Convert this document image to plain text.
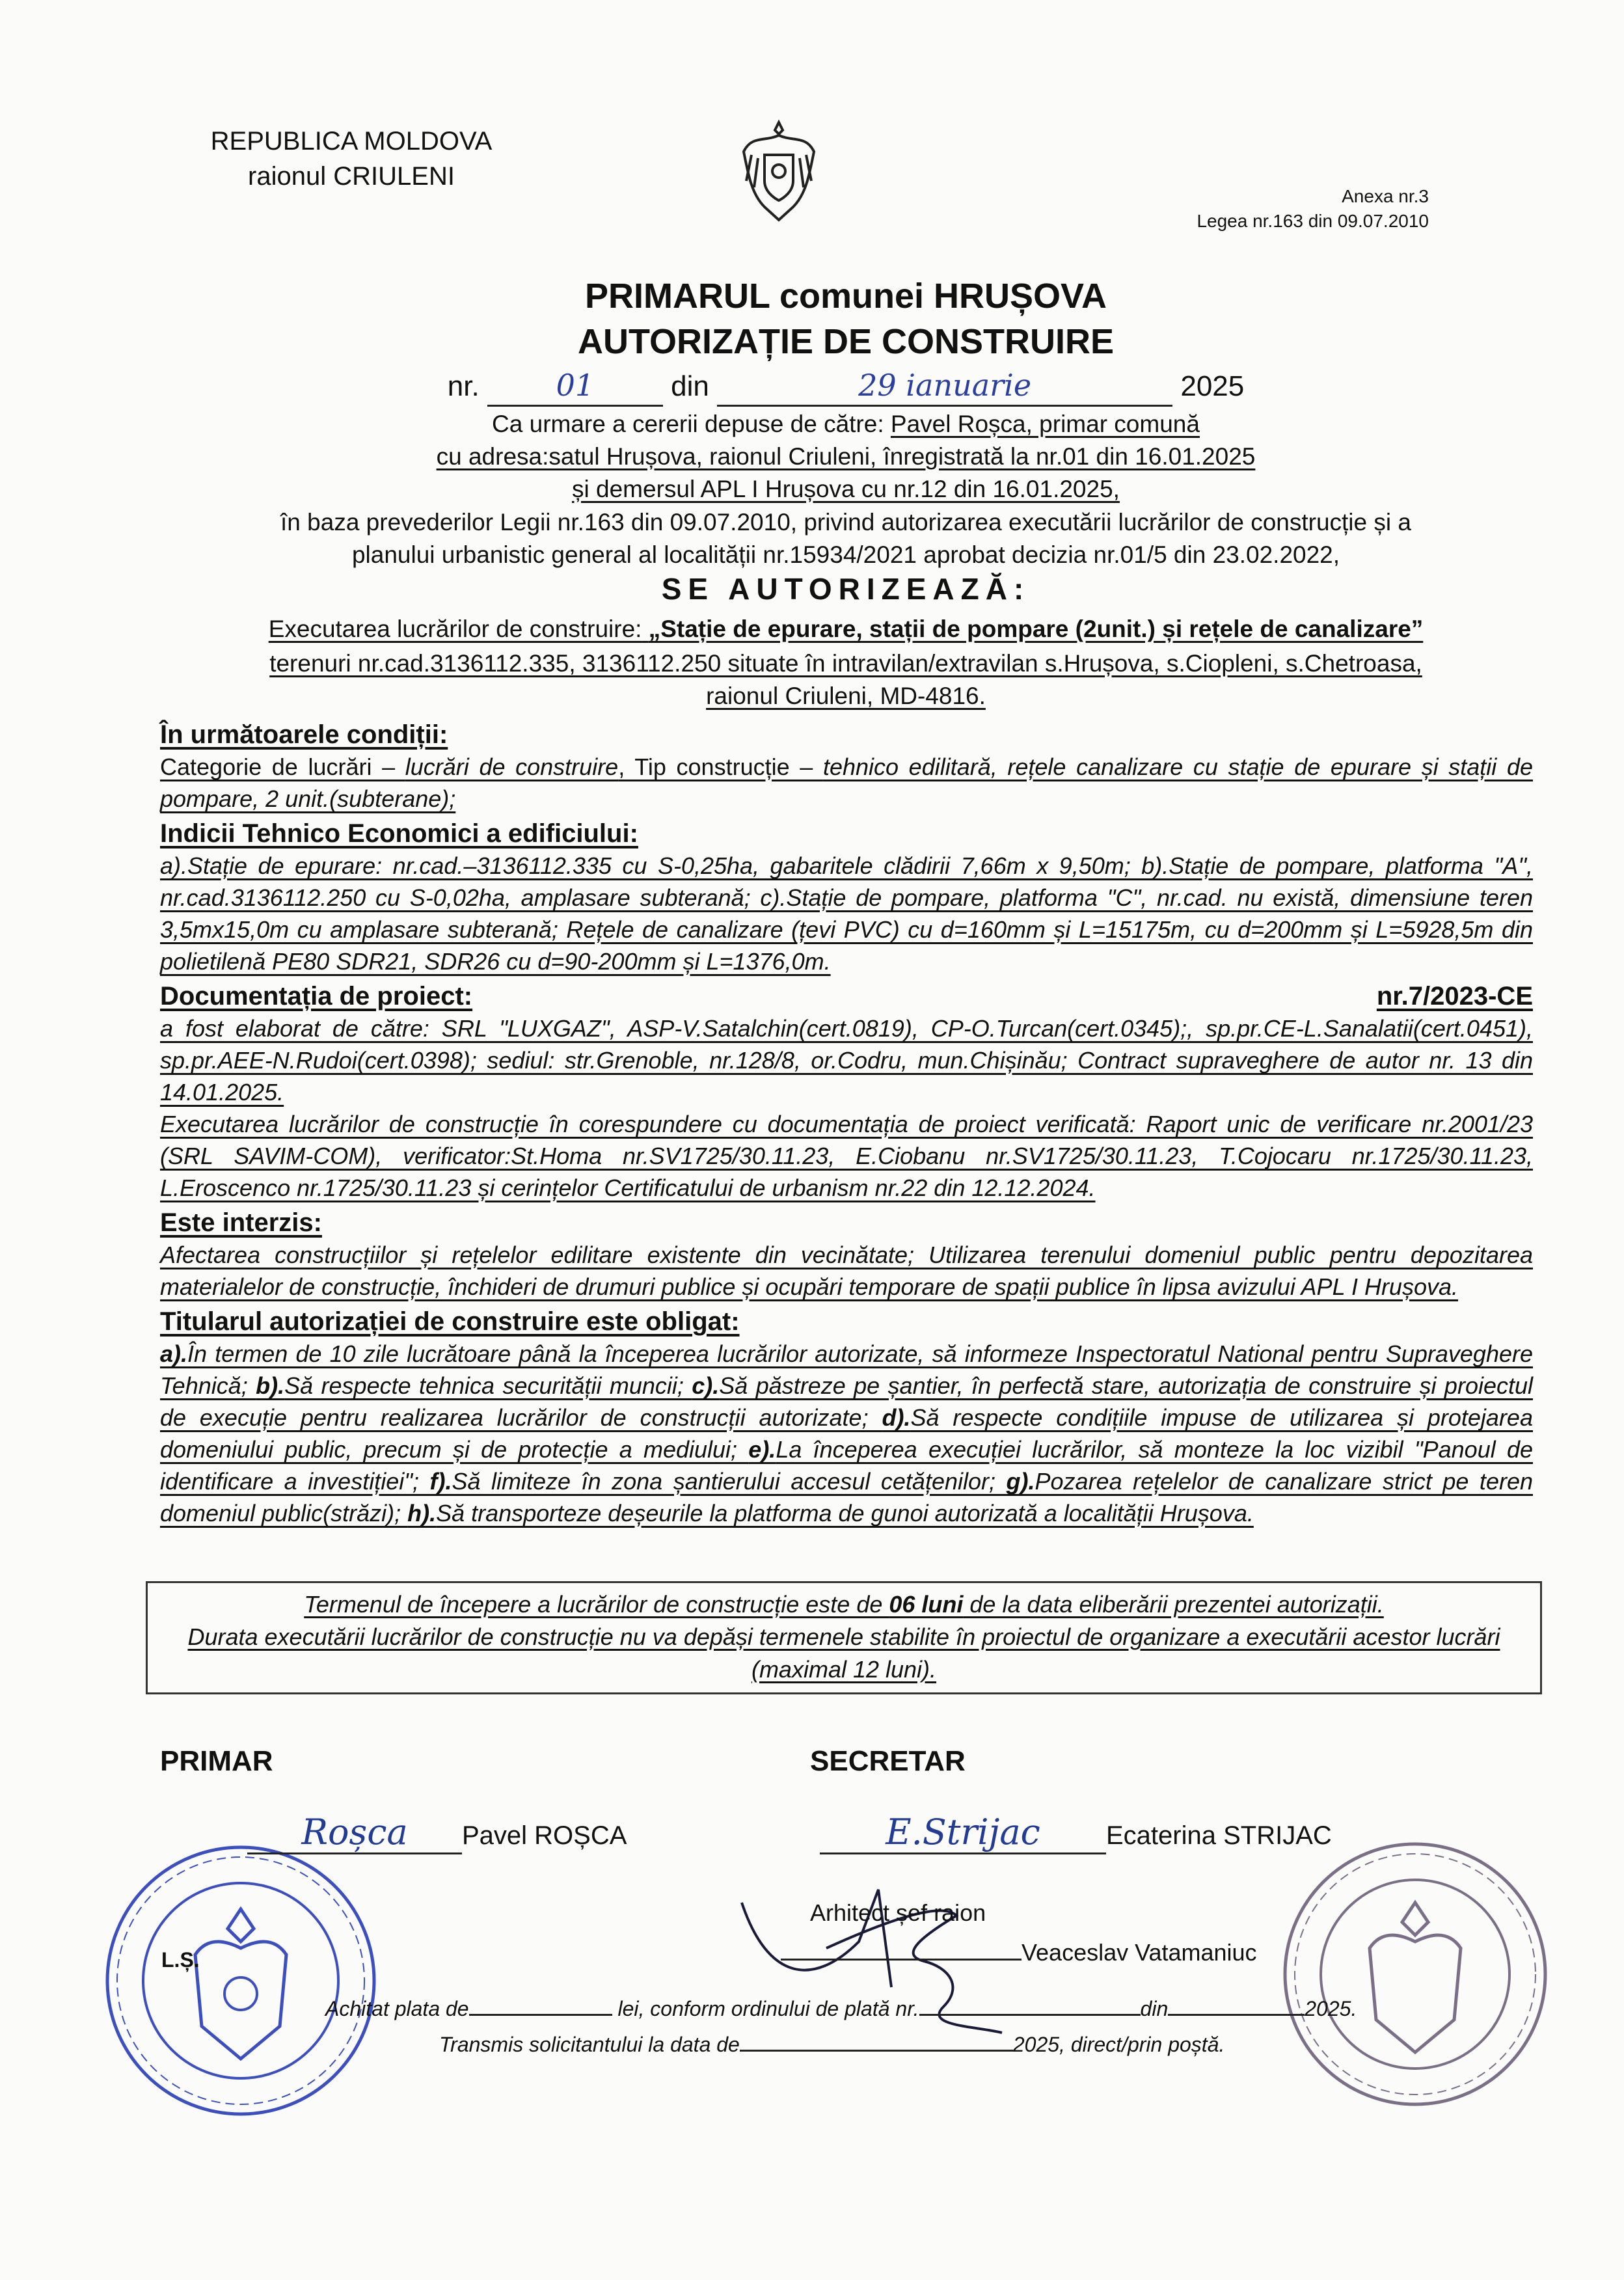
REPUBLICA MOLDOVA
raionul CRIULENI
Anexa nr.3
Legea nr.163 din 09.07.2010
PRIMARUL comunei HRUȘOVA
AUTORIZAȚIE DE CONSTRUIRE
nr.	01	din	29 ianuarie	2025
Ca urmare a cererii depuse de către: Pavel Roșca, primar comună
cu adresa:satul Hrușova, raionul Criuleni, înregistrată la nr.01 din 16.01.2025
și demersul APL I Hrușova cu nr.12 din 16.01.2025,
în baza prevederilor Legii nr.163 din 09.07.2010, privind autorizarea executării lucrărilor de construcție și a
planului urbanistic general al localității nr.15934/2021 aprobat decizia nr.01/5 din 23.02.2022,
SE AUTORIZEAZĂ:
Executarea lucrărilor de construire: „Stație de epurare, stații de pompare (2unit.) și rețele de canalizare”
terenuri nr.cad.3136112.335, 3136112.250 situate în intravilan/extravilan s.Hrușova, s.Ciopleni, s.Chetroasa,
raionul Criuleni, MD-4816.
În următoarele condiții:
Categorie de lucrări – lucrări de construire, Tip construcție – tehnico edilitară, rețele canalizare cu stație de epurare și stații de pompare, 2 unit.(subterane);
Indicii Tehnico Economici a edificiului:
a).Stație de epurare: nr.cad.–3136112.335 cu S-0,25ha, gabaritele clădirii 7,66m x 9,50m; b).Stație de pompare, platforma "A", nr.cad.3136112.250 cu S-0,02ha, amplasare subterană; c).Stație de pompare, platforma "C", nr.cad. nu există, dimensiune teren 3,5mx15,0m cu amplasare subterană; Rețele de canalizare (țevi PVC) cu d=160mm și L=15175m, cu d=200mm și L=5928,5m din polietilenă PE80 SDR21, SDR26 cu d=90-200mm și L=1376,0m.
Documentația de proiect:	nr.7/2023-CE
a fost elaborat de către: SRL "LUXGAZ", ASP-V.Satalchin(cert.0819), CP-O.Turcan(cert.0345);, sp.pr.CE-L.Sanalatii(cert.0451), sp.pr.AEE-N.Rudoi(cert.0398); sediul: str.Grenoble, nr.128/8, or.Codru, mun.Chișinău; Contract supraveghere de autor nr. 13 din 14.01.2025.
Executarea lucrărilor de construcție în corespundere cu documentația de proiect verificată: Raport unic de verificare nr.2001/23 (SRL SAVIM-COM), verificator:St.Homa nr.SV1725/30.11.23, E.Ciobanu nr.SV1725/30.11.23, T.Cojocaru nr.1725/30.11.23, L.Eroscenco nr.1725/30.11.23 și cerințelor Certificatului de urbanism nr.22 din 12.12.2024.
Este interzis:
Afectarea construcțiilor și rețelelor edilitare existente din vecinătate; Utilizarea terenului domeniul public pentru depozitarea materialelor de construcție, închideri de drumuri publice și ocupări temporare de spații publice în lipsa avizului APL I Hrușova.
Titularul autorizației de construire este obligat:
a).În termen de 10 zile lucrătoare până la începerea lucrărilor autorizate, să informeze Inspectoratul National pentru Supraveghere Tehnică; b).Să respecte tehnica securității muncii; c).Să păstreze pe șantier, în perfectă stare, autorizația de construire și proiectul de execuție pentru realizarea lucrărilor de construcții autorizate; d).Să respecte condițiile impuse de utilizarea și protejarea domeniului public, precum și de protecție a mediului; e).La începerea execuției lucrărilor, să monteze la loc vizibil "Panoul de identificare a investiției"; f).Să limiteze în zona șantierului accesul cetățenilor; g).Pozarea rețelelor de canalizare strict pe teren domeniul public(străzi); h).Să transporteze deșeurile la platforma de gunoi autorizată a localității Hrușova.
Termenul de începere a lucrărilor de construcție este de 06 luni de la data eliberării prezentei autorizații.
Durata executării lucrărilor de construcție nu va depăși termenele stabilite în proiectul de organizare a executării acestor lucrări (maximal 12 luni).
PRIMAR	SECRETAR
Roșca Pavel ROȘCA	E.Strijac	Ecaterina STRIJAC
Arhitect șef raion
Veaceslav Vatamaniuc
L.Ș.
Achitat plata de	lei, conform ordinului de plată nr.	din	2025.
Transmis solicitantului la data de	2025, direct/prin poștă.
